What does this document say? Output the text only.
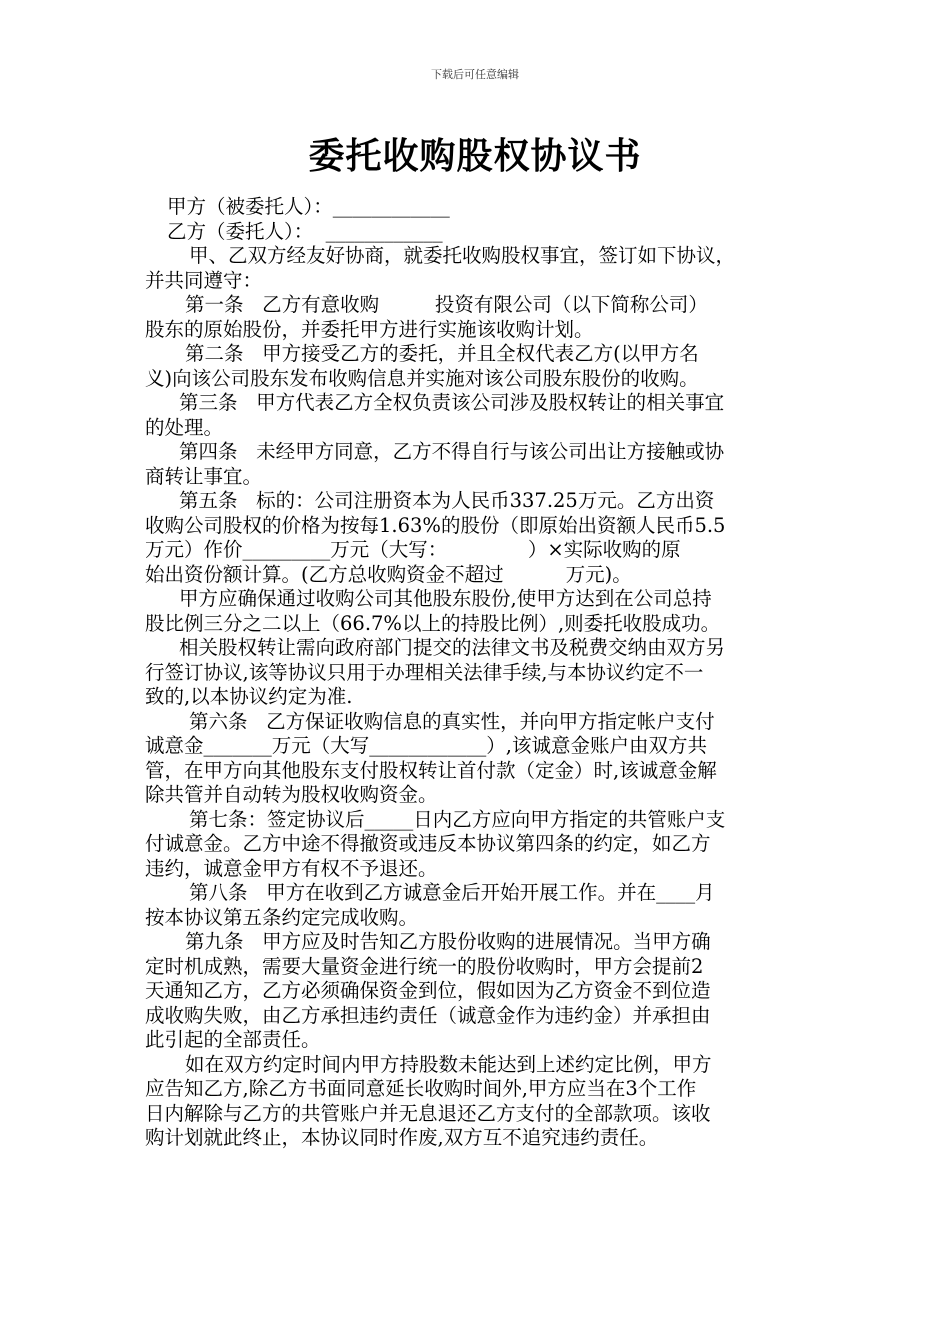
下载后可任意编辑
委托收购股权协议书
甲方（被委托人）：____________
乙方（委托人）：  ____________
甲、乙双方经友好协商，就委托收购股权事宜，签订如下协议，
并共同遵守：
第一条   乙方有意收购         投资有限公司（以下简称公司）
股东的原始股份，并委托甲方进行实施该收购计划。
第二条   甲方接受乙方的委托，并且全权代表乙方(以甲方名
义)向该公司股东发布收购信息并实施对该公司股东股份的收购。
第三条   甲方代表乙方全权负责该公司涉及股权转让的相关事宜
的处理。
第四条   未经甲方同意，乙方不得自行与该公司出让方接触或协
商转让事宜。
第五条   标的：公司注册资本为人民币337.25万元。乙方出资
收购公司股权的价格为按每1.63%的股份（即原始出资额人民币5.5
万元）作价_________万元（大写：             ）×实际收购的原
始出资份额计算。(乙方总收购资金不超过          万元)。
甲方应确保通过收购公司其他股东股份,使甲方达到在公司总持
股比例三分之二以上（66.7%以上的持股比例）,则委托收股成功。
相关股权转让需向政府部门提交的法律文书及税费交纳由双方另
行签订协议,该等协议只用于办理相关法律手续,与本协议约定不一
致的,以本协议约定为准.
第六条   乙方保证收购信息的真实性，并向甲方指定帐户支付
诚意金_______万元（大写____________）,该诚意金账户由双方共
管，在甲方向其他股东支付股权转让首付款（定金）时,该诚意金解
除共管并自动转为股权收购资金。
第七条：签定协议后_____日内乙方应向甲方指定的共管账户支
付诚意金。乙方中途不得撤资或违反本协议第四条的约定，如乙方
违约，诚意金甲方有权不予退还。
第八条   甲方在收到乙方诚意金后开始开展工作。并在____月
按本协议第五条约定完成收购。
第九条   甲方应及时告知乙方股份收购的进展情况。当甲方确
定时机成熟，需要大量资金进行统一的股份收购时，甲方会提前2
天通知乙方，乙方必须确保资金到位，假如因为乙方资金不到位造
成收购失败，由乙方承担违约责任（诚意金作为违约金）并承担由
此引起的全部责任。
如在双方约定时间内甲方持股数未能达到上述约定比例，甲方
应告知乙方,除乙方书面同意延长收购时间外,甲方应当在3个工作
日内解除与乙方的共管账户并无息退还乙方支付的全部款项。该收
购计划就此终止，本协议同时作废,双方互不追究违约责任。
